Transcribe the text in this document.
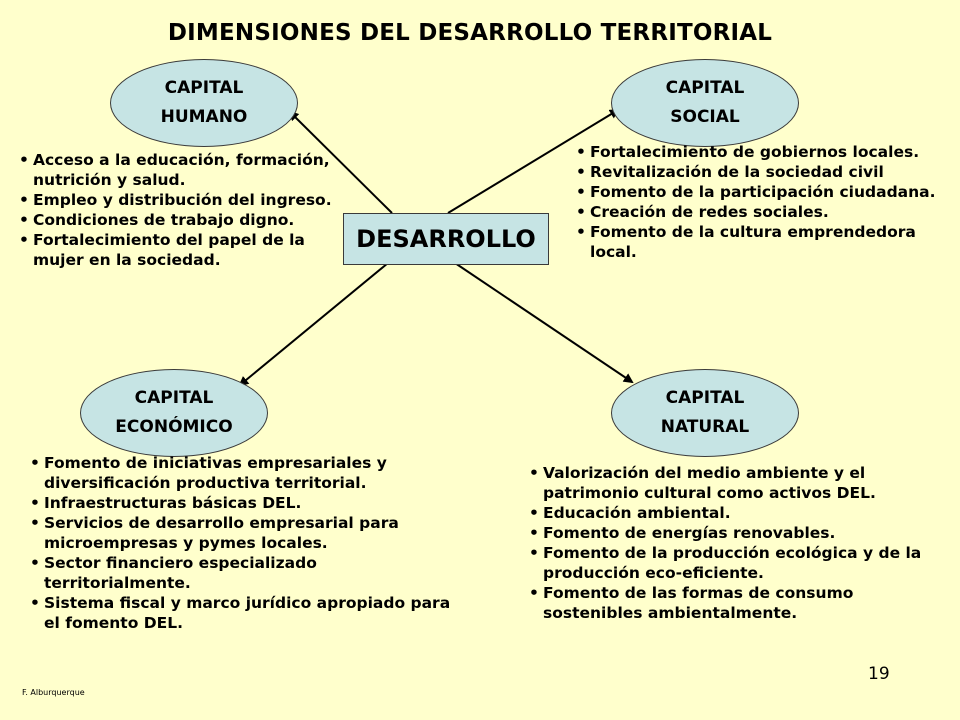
DIMENSIONES DEL DESARROLLO TERRITORIAL
CAPITAL
HUMANO
CAPITAL
SOCIAL
CAPITAL
ECONÓMICO
CAPITAL
NATURAL
DESARROLLO
• Acceso a la educación, formación, nutrición y salud.
• Empleo y distribución del ingreso.
• Condiciones de trabajo digno.
• Fortalecimiento del papel de la mujer en la sociedad.
• Fortalecimiento de gobiernos locales.
• Revitalización de la sociedad civil
• Fomento de la participación ciudadana.
• Creación de redes sociales.
• Fomento de la cultura emprendedora local.
• Fomento de iniciativas empresariales y diversificación productiva territorial.
• Infraestructuras básicas DEL.
• Servicios de desarrollo empresarial para microempresas y pymes locales.
• Sector financiero especializado territorialmente.
• Sistema fiscal y marco jurídico apropiado para el fomento DEL.
• Valorización del medio ambiente y el patrimonio cultural como activos DEL.
• Educación ambiental.
• Fomento de energías renovables.
• Fomento de la producción ecológica y de la producción eco-eficiente.
• Fomento de las formas de consumo sostenibles ambientalmente.
19
F. Alburquerque
